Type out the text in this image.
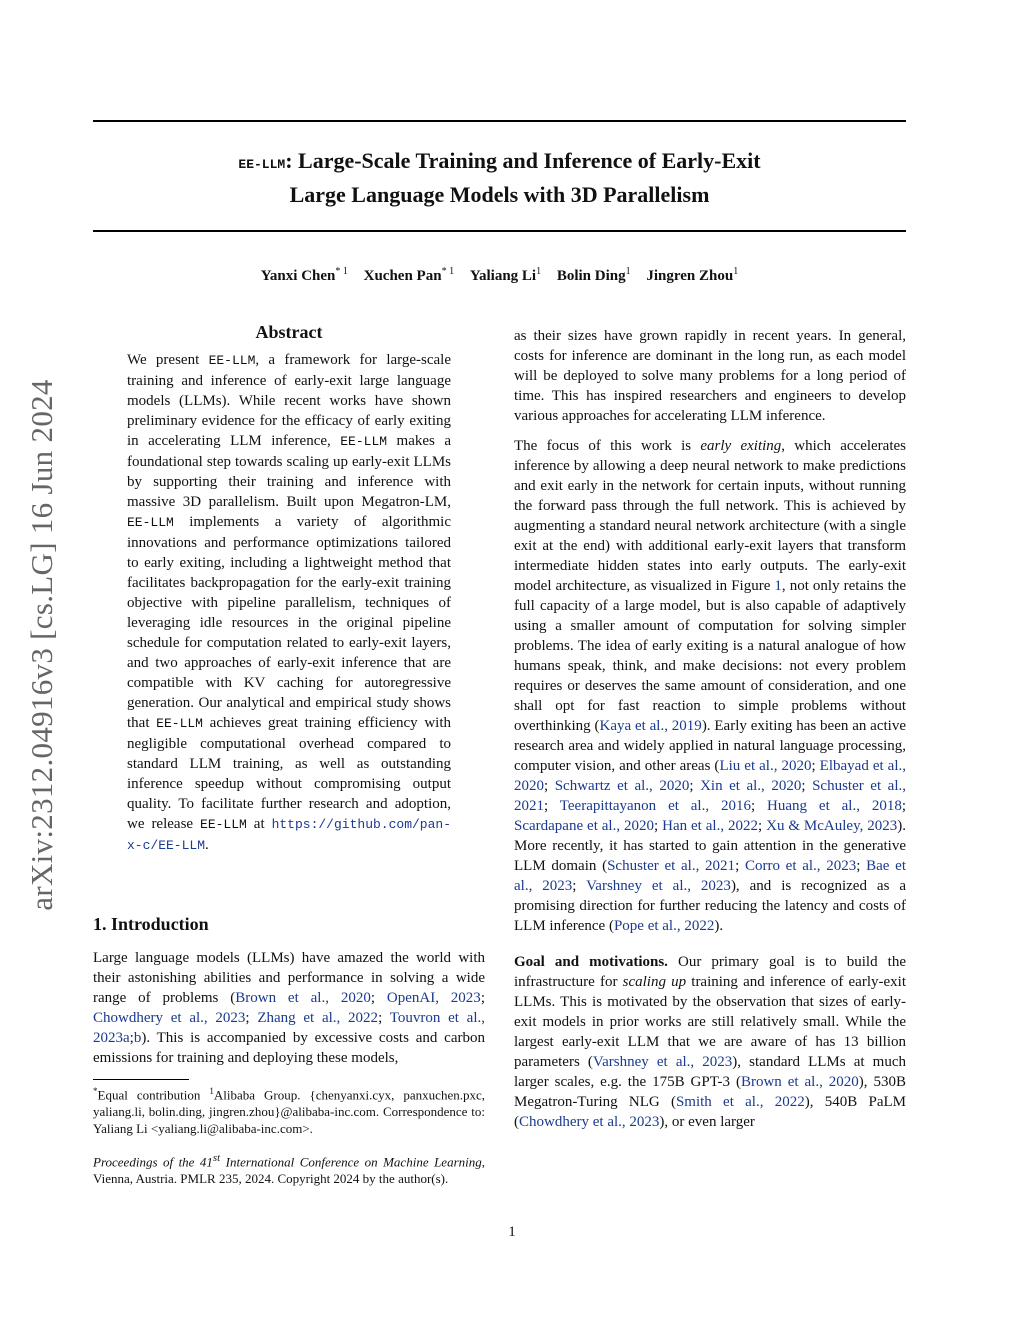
arXiv:2312.04916v3 [cs.LG] 16 Jun 2024
EE-LLM: Large-Scale Training and Inference of Early-Exit
Large Language Models with 3D Parallelism
Yanxi Chen$^{* 1}$ Xuchen Pan$^{* 1}$ Yaliang Li$^1$ Bolin Ding$^1$ Jingren Zhou$^1$
Abstract
We present EE-LLM, a framework for large-scale training and inference of early-exit large language models (LLMs). While recent works have shown preliminary evidence for the efficacy of early exiting in accelerating LLM inference, EE-LLM makes a foundational step towards scaling up early-exit LLMs by supporting their training and inference with massive 3D parallelism. Built upon Megatron-LM, EE-LLM implements a variety of algorithmic innovations and performance optimizations tailored to early exiting, including a lightweight method that facilitates backpropagation for the early-exit training objective with pipeline parallelism, techniques of leveraging idle resources in the original pipeline schedule for computation related to early-exit layers, and two approaches of early-exit inference that are compatible with KV caching for autoregressive generation. Our analytical and empirical study shows that EE-LLM achieves great training efficiency with negligible computational overhead compared to standard LLM training, as well as outstanding inference speedup without compromising output quality. To facilitate further research and adoption, we release EE-LLM at https://github.com/pan-x-c/EE-LLM.
1. Introduction
Large language models (LLMs) have amazed the world with their astonishing abilities and performance in solving a wide range of problems (Brown et al., 2020; OpenAI, 2023; Chowdhery et al., 2023; Zhang et al., 2022; Touvron et al., 2023a;b). This is accompanied by excessive costs and carbon emissions for training and deploying these models,
*Equal contribution $^1$Alibaba Group. {chenyanxi.cyx, panxuchen.pxc, yaliang.li, bolin.ding, jingren.zhou}@alibaba-inc.com. Correspondence to: Yaliang Li <yaliang.li@alibaba-inc.com>.
Proceedings of the 41st International Conference on Machine Learning, Vienna, Austria. PMLR 235, 2024. Copyright 2024 by the author(s).

as their sizes have grown rapidly in recent years. In general, costs for inference are dominant in the long run, as each model will be deployed to solve many problems for a long period of time. This has inspired researchers and engineers to develop various approaches for accelerating LLM inference.

The focus of this work is early exiting, which accelerates inference by allowing a deep neural network to make predictions and exit early in the network for certain inputs, without running the forward pass through the full network. This is achieved by augmenting a standard neural network architecture (with a single exit at the end) with additional early-exit layers that transform intermediate hidden states into early outputs. The early-exit model architecture, as visualized in Figure 1, not only retains the full capacity of a large model, but is also capable of adaptively using a smaller amount of computation for solving simpler problems. The idea of early exiting is a natural analogue of how humans speak, think, and make decisions: not every problem requires or deserves the same amount of consideration, and one shall opt for fast reaction to simple problems without overthinking (Kaya et al., 2019). Early exiting has been an active research area and widely applied in natural language processing, computer vision, and other areas (Liu et al., 2020; Elbayad et al., 2020; Schwartz et al., 2020; Xin et al., 2020; Schuster et al., 2021; Teerapittayanon et al., 2016; Huang et al., 2018; Scardapane et al., 2020; Han et al., 2022; Xu & McAuley, 2023). More recently, it has started to gain attention in the generative LLM domain (Schuster et al., 2021; Corro et al., 2023; Bae et al., 2023; Varshney et al., 2023), and is recognized as a promising direction for further reducing the latency and costs of LLM inference (Pope et al., 2022).

Goal and motivations. Our primary goal is to build the infrastructure for scaling up training and inference of early-exit LLMs. This is motivated by the observation that sizes of early-exit models in prior works are still relatively small. While the largest early-exit LLM that we are aware of has 13 billion parameters (Varshney et al., 2023), standard LLMs at much larger scales, e.g. the 175B GPT-3 (Brown et al., 2020), 530B Megatron-Turing NLG (Smith et al., 2022), 540B PaLM (Chowdhery et al., 2023), or even larger

1
